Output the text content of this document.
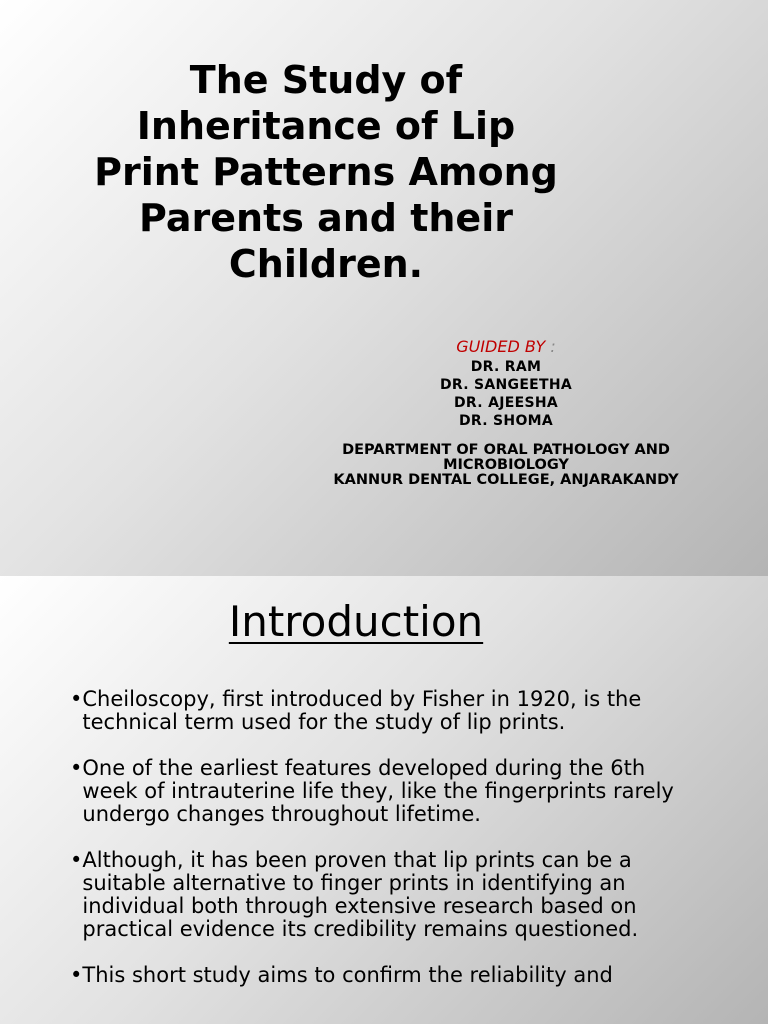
The Study of
Inheritance of Lip
Print Patterns Among
Parents and their
Children.
GUIDED BY :
DR. RAM
DR. SANGEETHA
DR. AJEESHA
DR. SHOMA
DEPARTMENT OF ORAL PATHOLOGY AND
MICROBIOLOGY
KANNUR DENTAL COLLEGE, ANJARAKANDY
Introduction
• Cheiloscopy, first introduced by Fisher in 1920, is the technical term used for the study of lip prints.
• One of the earliest features developed during the 6th week of intrauterine life they, like the fingerprints rarely undergo changes throughout lifetime.
• Although, it has been proven that lip prints can be a suitable alternative to finger prints in identifying an individual both through extensive research based on practical evidence its credibility remains questioned.
• This short study aims to confirm the reliability and
